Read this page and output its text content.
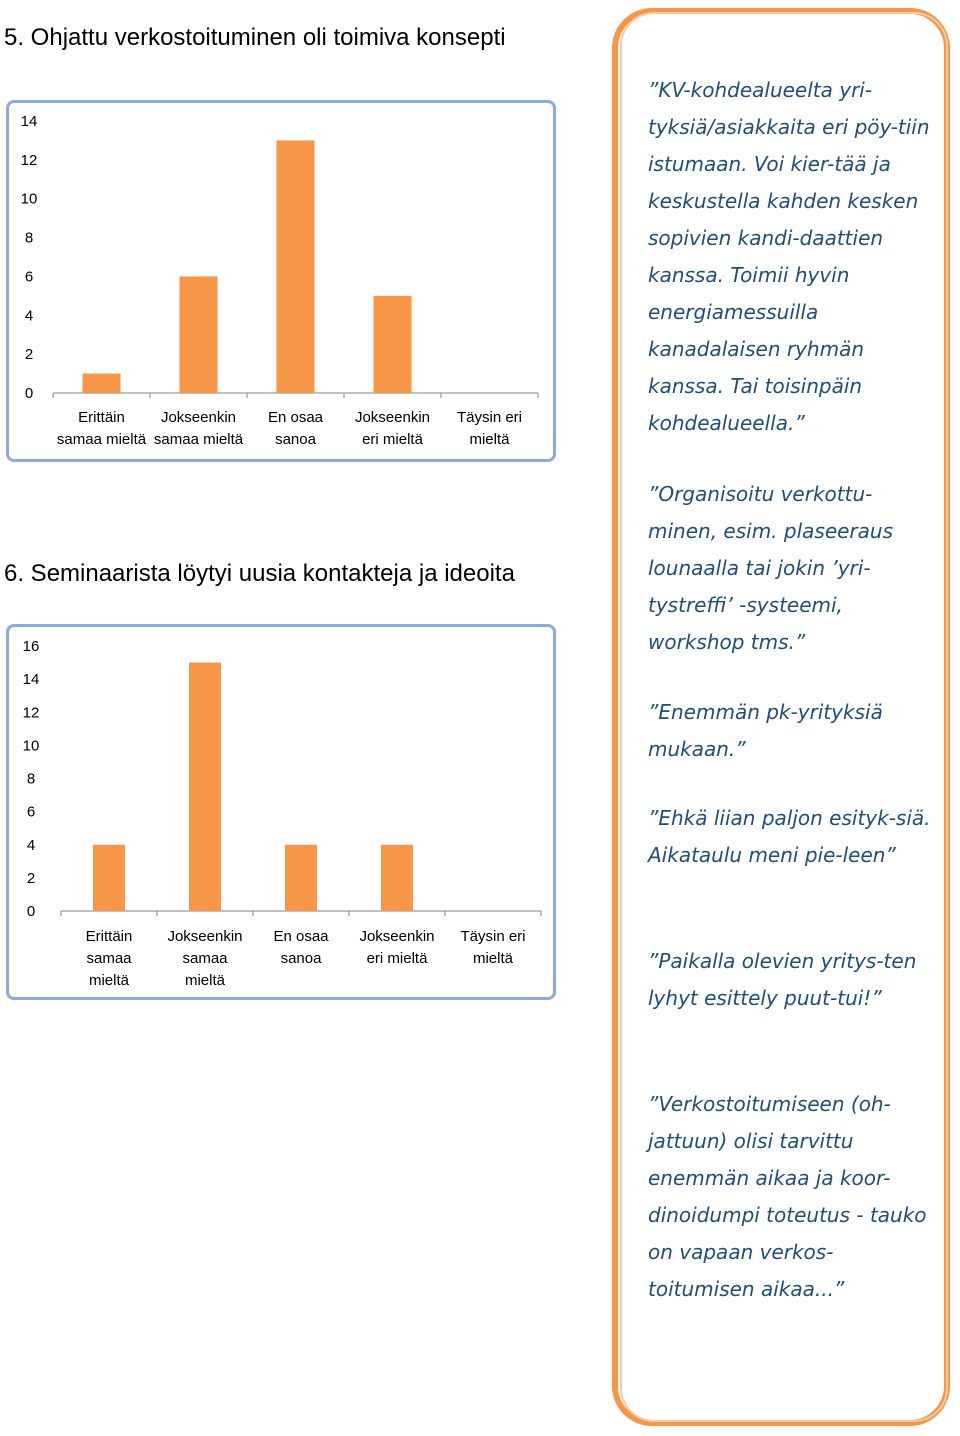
5. Ohjattu verkostoituminen oli toimiva konsepti
0
2
4
6
8
10
12
14
Erittäin samaa mieltä
Jokseenkin samaa mieltä
En osaa sanoa
Jokseenkin eri mieltä
Täysin eri mieltä
6. Seminaarista löytyi uusia kontakteja ja ideoita
0
2
4
6
8
10
12
14
16
Erittäin samaa mieltä
Jokseenkin samaa mieltä
En osaa sanoa
Jokseenkin eri mieltä
Täysin eri mieltä

”KV-kohdealueelta yri-tyksiä/asiakkaita eri pöy-tiin istumaan. Voi kier-tää ja keskustella kahden kesken sopivien kandi-daattien kanssa. Toimii hyvin energiamessuilla kanadalaisen ryhmän kanssa. Tai toisinpäin kohdealueella.”

”Organisoitu verkottu-minen, esim. plaseeraus lounaalla tai jokin ’yri-tystreffi’ -systeemi, workshop tms.”

”Enemmän pk-yrityksiä mukaan.”

”Ehkä liian paljon esityk-siä. Aikataulu meni pie-leen”

”Paikalla olevien yritys-ten lyhyt esittely puut-tui!”

”Verkostoitumiseen (oh-jattuun) olisi tarvittu enemmän aikaa ja koor-dinoidumpi toteutus - tauko on vapaan verkos-toitumisen aikaa...”
